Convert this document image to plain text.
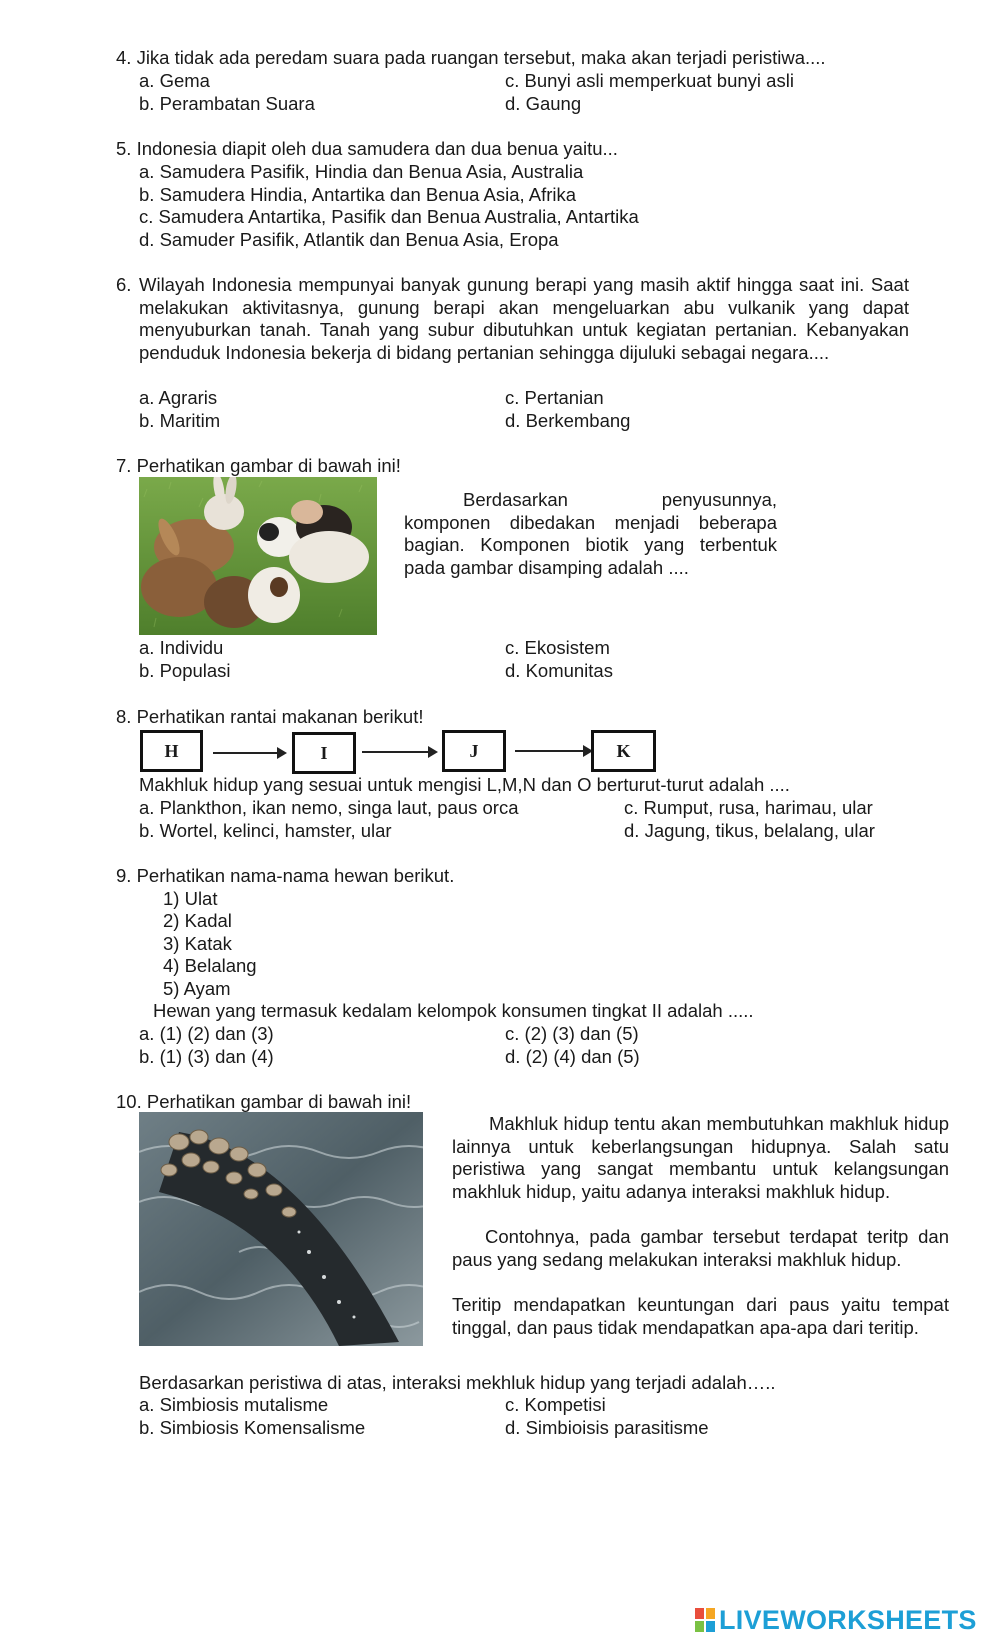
4. Jika tidak ada peredam suara pada ruangan tersebut, maka akan terjadi peristiwa....
a. Gema	c. Bunyi asli memperkuat bunyi asli
b. Perambatan Suara	d. Gaung
5. Indonesia diapit oleh dua samudera dan dua benua yaitu...
a. Samudera Pasifik, Hindia dan Benua Asia, Australia
b. Samudera Hindia, Antartika dan Benua Asia, Afrika
c. Samudera Antartika, Pasifik dan Benua Australia, Antartika
d. Samuder Pasifik, Atlantik dan Benua Asia, Eropa
6. Wilayah Indonesia mempunyai banyak gunung berapi yang masih aktif hingga saat ini. Saat melakukan aktivitasnya, gunung berapi akan mengeluarkan abu vulkanik yang dapat menyuburkan tanah. Tanah yang subur dibutuhkan untuk kegiatan pertanian. Kebanyakan penduduk Indonesia bekerja di bidang pertanian sehingga dijuluki sebagai negara....
a. Agraris	c. Pertanian
b. Maritim	d. Berkembang
7. Perhatikan gambar di bawah ini!
Berdasarkan penyusunnya, komponen dibedakan menjadi beberapa bagian. Komponen biotik yang terbentuk pada gambar disamping adalah ....
a. Individu	c. Ekosistem
b. Populasi	d. Komunitas
8. Perhatikan rantai makanan berikut!
H	I	J	K
Makhluk hidup yang sesuai untuk mengisi L,M,N dan O berturut-turut adalah ....
a. Plankthon, ikan nemo, singa laut, paus orca	c. Rumput, rusa, harimau, ular
b. Wortel, kelinci, hamster, ular	d. Jagung, tikus, belalang, ular
9. Perhatikan nama-nama hewan berikut.
1) Ulat
2) Kadal
3) Katak
4) Belalang
5) Ayam
Hewan yang termasuk kedalam kelompok konsumen tingkat II adalah .....
a. (1) (2) dan (3)	c. (2) (3) dan (5)
b. (1) (3) dan (4)	d. (2) (4) dan (5)
10. Perhatikan gambar di bawah ini!
Makhluk hidup tentu akan membutuhkan makhluk hidup lainnya untuk keberlangsungan hidupnya. Salah satu peristiwa yang sangat membantu untuk kelangsungan makhluk hidup, yaitu adanya interaksi makhluk hidup.
Contohnya, pada gambar tersebut terdapat teritp dan paus yang sedang melakukan interaksi makhluk hidup.
Teritip mendapatkan keuntungan dari paus yaitu tempat tinggal, dan paus tidak mendapatkan apa-apa dari teritip.
Berdasarkan peristiwa di atas, interaksi mekhluk hidup yang terjadi adalah…..
a. Simbiosis mutalisme	c. Kompetisi
b. Simbiosis Komensalisme	d. Simbioisis parasitisme
LIVEWORKSHEETS
